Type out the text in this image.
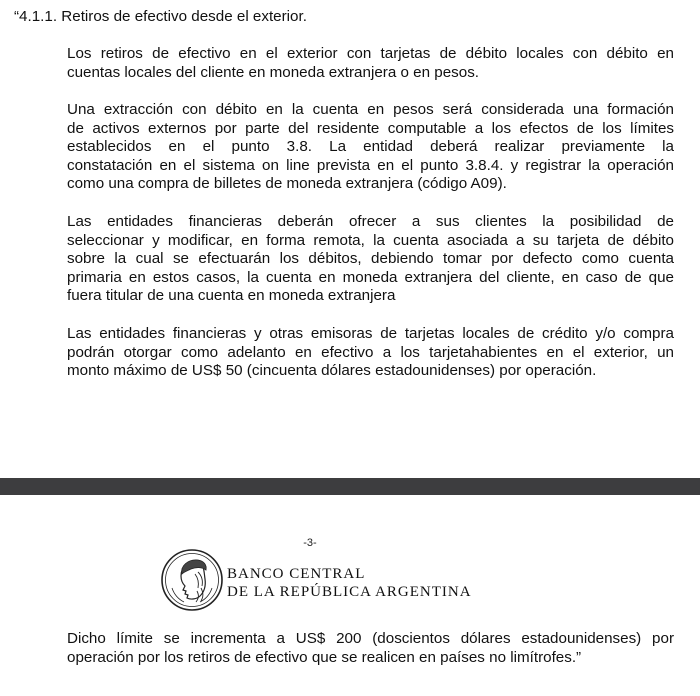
“4.1.1. Retiros de efectivo desde el exterior.

Los retiros de efectivo en el exterior con tarjetas de débito locales con débito en
cuentas locales del cliente en moneda extranjera o en pesos.

Una extracción con débito en la cuenta en pesos será considerada una formación
de activos externos por parte del residente computable a los efectos de los límites
establecidos en el punto 3.8. La entidad deberá realizar previamente la
constatación en el sistema on line prevista en el punto 3.8.4. y registrar la operación
como una compra de billetes de moneda extranjera (código A09).

Las entidades financieras deberán ofrecer a sus clientes la posibilidad de
seleccionar y modificar, en forma remota, la cuenta asociada a su tarjeta de débito
sobre la cual se efectuarán los débitos, debiendo tomar por defecto como cuenta
primaria en estos casos, la cuenta en moneda extranjera del cliente, en caso de que
fuera titular de una cuenta en moneda extranjera

Las entidades financieras y otras emisoras de tarjetas locales de crédito y/o compra
podrán otorgar como adelanto en efectivo a los tarjetahabientes en el exterior, un
monto máximo de US$ 50 (cincuenta dólares estadounidenses) por operación.

-3-
BANCO CENTRAL
DE LA REPÚBLICA ARGENTINA

Dicho límite se incrementa a US$ 200 (doscientos dólares estadounidenses) por
operación por los retiros de efectivo que se realicen en países no limítrofes.”
